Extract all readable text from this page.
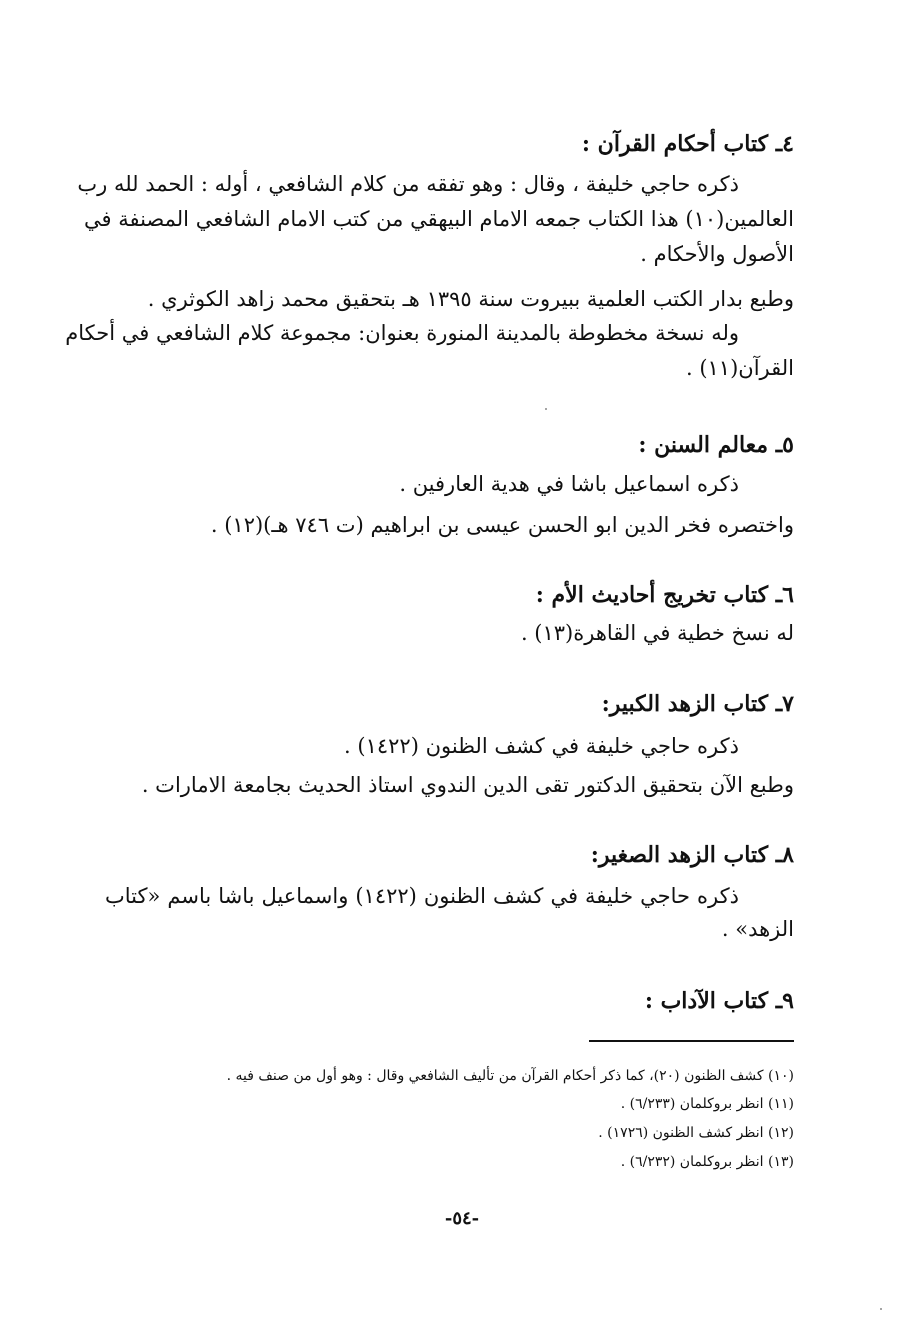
٤ـ كتاب أحكام القرآن :
ذكره حاجي خليفة ، وقال : وهو تفقه من كلام الشافعي ، أوله : الحمد لله رب
العالمين(١٠) هذا الكتاب جمعه الامام البيهقي من كتب الامام الشافعي المصنفة في
الأصول والأحكام .
وطبع بدار الكتب العلمية ببيروت سنة ١٣٩٥ هـ بتحقيق محمد زاهد الكوثري .
وله نسخة مخطوطة بالمدينة المنورة بعنوان: مجموعة كلام الشافعي في أحكام
القرآن(١١) .
٥ـ معالم السنن :
ذكره اسماعيل باشا في هدية العارفين .
واختصره فخر الدين ابو الحسن عيسى بن ابراهيم (ت ٧٤٦ هـ)(١٢) .
٦ـ كتاب تخريج أحاديث الأم :
له نسخ خطية في القاهرة(١٣) .
٧ـ كتاب الزهد الكبير:
ذكره حاجي خليفة في كشف الظنون (١٤٢٢) .
وطبع الآن بتحقيق الدكتور تقى الدين الندوي استاذ الحديث بجامعة الامارات .
٨ـ كتاب الزهد الصغير:
ذكره حاجي خليفة في كشف الظنون (١٤٢٢) واسماعيل باشا باسم «كتاب
الزهد» .
٩ـ كتاب الآداب :
(١٠) كشف الظنون (٢٠)، كما ذكر أحكام القرآن من تأليف الشافعي وقال : وهو أول من صنف فيه .
(١١) انظر بروكلمان (٦/٢٣٣) .
(١٢) انظر كشف الظنون (١٧٢٦) .
(١٣) انظر بروكلمان (٦/٢٣٢) .
-٥٤-
